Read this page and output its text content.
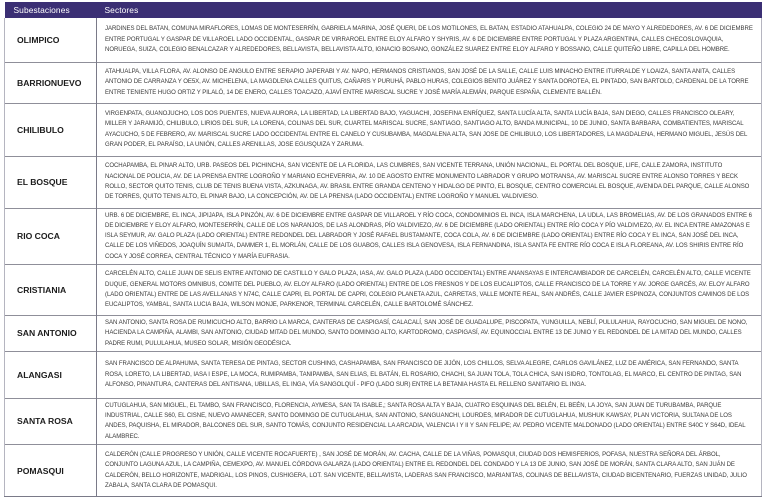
Subestaciones	Sectores
OLIMPICO	JARDINES DEL BATAN, COMUNA MIRAFLORES, LOMAS DE MONTESERRÍN, GABRIELA MARINA, JOSÉ QUERI, DE LOS MOTILONES, EL BATAN, ESTADIO ATAHUALPA, COLEGIO 24 DE MAYO Y ALREDEDORES, AV. 6 DE DICIEMBRE ENTRE PORTUGAL Y GASPAR DE VILLAROEL LADO OCCIDENTAL, GASPAR DE VIRRAROEL ENTRE ELOY ALFARO Y SHYRIS, AV. 6 DE DICIEMBRE ENTRE PORTUGAL Y PLAZA ARGENTINA, CALLES CHECOSLOVAQUIA, NORUEGA, SUIZA, COLEGIO BENALCAZAR Y ALREDEDORES, BELLAVISTA, BELLAVISTA ALTO, IGNACIO BOSANO, GONZÁLEZ SUAREZ ENTRE ELOY ALFARO Y BOSSANO, CALLE QUITEÑO LIBRE, CAPILLA DEL HOMBRE.
BARRIONUEVO	ATAHUALPA, VILLA FLORA, AV. ALONSO DE ANGULO ENTRE SERAPIO JAPERABI Y AV. NAPO, HERMANOS CRISTIANOS, SAN JOSÉ DE LA SALLE, CALLE LUIS MINACHO ENTRE ITURRALDE Y LOAIZA, SANTA ANITA, CALLES ANTONIO DE CARRANZA Y OE5X, AV. MICHELENA, LA MAGDLENA CALLES QUITUS, CAÑARIS Y PURUHÁ, PABLO HURAS, COLEGIOS BENITO JUÁREZ Y SANTA DOROTEA, EL PINTADO, SAN BARTOLO, CARDENAL DE LA TORRE ENTRE TENIENTE HUGO ORTIZ Y PILALÓ, 14 DE ENERO, CALLES TOACAZO, AJAVÍ ENTRE MARISCAL SUCRE Y JOSÉ MARÍA ALEMÁN, PARQUE ESPAÑA, CLEMENTE BALLÉN.
CHILIBULO	VIRGENPATA, GUANOJUCHO, LOS DOS PUENTES, NUEVA AURORA, LA LIBERTAD, LA LIBERTAD BAJO, YAGUACHI, JOSEFINA ENRÍQUEZ, SANTA LUCÍA ALTA, SANTA LUCÍA BAJA, SAN DIEGO, CALLES FRANCISCO OLEARY, MILLER Y JARAMIJÓ, CHILIBULO, LIRIOS DEL SUR, LA LORENA, COLINAS DEL SUR, CUARTEL MARISCAL SUCRE, SANTIAGO, SANTIAGO ALTO, BANDA MUNICIPAL, 10 DE JUNIO, SANTA BARBARA, COMBATIENTES, MARISCAL AYACUCHO, 5 DE FEBRERO, AV. MARISCAL SUCRE LADO OCCIDENTAL ENTRE EL CANELO Y CUSUBAMBA, MAGDALENA ALTA, SAN JOSE DE CHILIBULO, LOS LIBERTADORES, LA MAGDALENA, HERMANO MIGUEL, JESÚS DEL GRAN PODER, EL PARAÍSO, LA UNIÓN, CALLES ARENILLAS, JOSE EGUSQUIZA Y ZARUMA.
EL BOSQUE	COCHAPAMBA, EL PINAR ALTO, URB. PASEOS DEL PICHINCHA, SAN VICENTE DE LA FLORIDA, LAS CUMBRES, SAN VICENTE TERRANA, UNIÓN NACIONAL, EL PORTAL DEL BOSQUE, LIFE, CALLE ZAMORA, INSTITUTO NACIONAL DE POLICIA, AV. DE LA PRENSA ENTRE LOGROÑO Y MARIANO ECHEVERRIA, AV. 10 DE AGOSTO ENTRE MONUMENTO LABRADOR Y GRUPO MOTRANSA, AV. MARISCAL SUCRE ENTRE ALONSO TORRES Y BECK ROLLO, SECTOR QUITO TENIS, CLUB DE TENIS BUENA VISTA, AZKUNAGA, AV. BRASIL ENTRE GRANDA CENTENO Y HIDALGO DE PINTO, EL BOSQUE, CENTRO COMERCIAL EL BOSQUE, AVENIDA DEL PARQUE, CALLE ALONSO DE TORRES, QUITO TENIS ALTO, EL PINAR BAJO, LA CONCEPCIÓN, AV. DE LA PRENSA (LADO OCCIDENTAL) ENTRE LOGROÑO Y MANUEL VALDIVIESO.
RIO COCA	URB. 6 DE DICIEMBRE, EL INCA, JIPIJAPA, ISLA PINZÓN, AV. 6 DE DICIEMBRE ENTRE GASPAR DE VILLAROEL Y RÍO COCA, CONDOMINIOS EL INCA, ISLA MARCHENA, LA UDLA, LAS BROMELIAS, AV. DE LOS GRANADOS ENTRE 6 DE DICIEMBRE Y ELOY ALFARO, MONTESERRÍN, CALLE DE LOS NARANJOS, DE LAS ALONDRAS, PÍO VALDIVIEZO, AV. 6 DE DICIEMBRE (LADO ORIENTAL) ENTRE RÍO COCA Y PÍO VALDIVIEZO, AV. EL INCA ENTRE AMAZONAS E ISLA SEYMUR, AV. GALO PLAZA (LADO ORIENTAL) ENTRE REDONDEL DEL LABRADOR Y JOSÉ RAFAEL BUSTAMANTE, COCA COLA, AV. 6 DE DICIEMBRE (LADO ORIENTAL) ENTRE RÍO COCA Y EL INCA, SAN JOSÉ DEL INCA, CALLE DE LOS VIÑEDOS, JOAQUÍN SUMAITA, DAMMER 1, EL MORLÁN, CALLE DE LOS GUABOS, CALLES ISLA GENOVESA, ISLA FERNANDINA, ISLA SANTA FE ENTRE RÍO COCA E ISLA FLOREANA, AV. LOS SHIRIS ENTRE RÍO COCA Y JOSÉ CORREA, CENTRAL TÉCNICO Y MARÍA EUFRASIA.
CRISTIANIA	CARCELÉN ALTO, CALLE JUAN DE SELIS ENTRE ANTONIO DE CASTILLO Y GALO PLAZA, IASA, AV. GALO PLAZA (LADO OCCIDENTAL) ENTRE ANANSAYAS E INTERCAMBIADOR DE CARCELÉN, CARCELÉN ALTO, CALLE VICENTE DUQUE, GENERAL MOTORS OMNIBUS, COMITE DEL PUEBLO, AV. ELOY ALFARO (LADO ORIENTAL) ENTRE DE LOS FRESNOS Y DE LOS EUCALIPTOS, CALLE FRANCISCO DE LA TORRE Y AV. JORGE GARCÉS, AV. ELOY ALFARO (LADO ORIENTAL) ENTRE DE LAS AVELLANAS Y N74C, CALLE CAPRI, EL PORTAL DE CAPRI, COLEGIO PLANETA AZUL, CARRETAS, VALLE MONTE REAL, SAN ANDRÉS, CALLE JAVIER ESPINOZA, CONJUNTOS CAMINOS DE LOS EUCALIPTOS, YAMBAL, SANTA LUCIA BAJA, WILSON MONJE, PARKENOR, TERMINAL CARCELÉN, CALLE BARTOLOMÉ SÁNCHEZ.
SAN ANTONIO	SAN ANTONIO, SANTA ROSA DE RUMICUCHO ALTO, BARRIO LA MARCA, CANTERAS DE CASPIGASÍ, CALACALÍ, SAN JOSÉ DE GUADALUPE, PISCOPATA, YUNGUILLA, NEBLÍ, PULULAHUA, RAYOCUCHO, SAN MIGUEL DE NONO, HACIENDA LA CAMPIÑA, ALAMBI, SAN ANTONIO, CIUDAD MITAD DEL MUNDO, SANTO DOMINGO ALTO, KARTODROMO, CASPIGASÍ, AV. EQUINOCCIAL ENTRE 13 DE JUNIO Y EL REDONDEL DE LA MITAD DEL MUNDO, CALLES PADRE RUMI, PULULAHUA, MUSEO SOLAR, MISIÓN GEODÉSICA.
ALANGASI	SAN FRANCISCO DE ALPAHUMA, SANTA TERESA DE PINTAG, SECTOR CUSHING, CASHAPAMBA, SAN FRANCISCO DE JIJÓN, LOS CHILLOS, SELVA ALEGRE, CARLOS GAVILÁNEZ, LUZ DE AMÉRICA, SAN FERNANDO, SANTA ROSA, LORETO, LA LIBERTAD, IASA I ESPE, LA MOCA, RUMIPAMBA, TANIPAMBA, SAN ELIAS, EL BATÁN, EL ROSARIO, CHACHI, SA JUAN TOLA, TOLA CHICA, SAN ISIDRO, TONTOLAG, EL MARCO, EL CENTRO DE PINTAG, SAN ALFONSO, PINANTURA, CANTERAS DEL ANTISANA, UBILLAS, EL INGA, VÍA SANGOLQUÍ - PIFO (LADO SUR) ENTRE LA BETANIA HASTA EL RELLENO SANITARIO EL INGA.
SANTA ROSA	CUTUGLAHUA, SAN MIGUEL, EL TAMBO, SAN FRANCISCO, FLORENCIA, AYMESA, SAN TA ISABLE,; SANTA ROSA ALTA Y BAJA, CUATRO ESQUINAS DEL BELÉN, EL BEÉN, LA JOYA, SAN JUAN DE TURUBAMBA, PARQUE INDUSTRIAL, CALLE S60, EL CISNE, NUEVO AMANECER, SANTO DOMINGO DE CUTUGLAHUA, SAN ANTONIO, SANGUANCHI, LOURDES, MIRADOR DE CUTUGLAHUA, MUSHUK KAWSAY, PLAN VICTORIA, SULTANA DE LOS ANDES, PAQUISHA, EL MIRADOR, BALCONES DEL SUR, SANTO TOMÁS, CONJUNTO RESIDENCIAL LA ARCADIA, VALENCIA I Y II Y SAN FELIPE; AV. PEDRO VICENTE MALDONADO (LADO ORIENTAL) ENTRE S40C Y S64D, IDEAL ALAMBREC.
POMASQUI	CALDERÓN (CALLE PROGRESO Y UNIÓN, CALLE VICENTE ROCAFUERTE) , SAN JOSÉ DE MORÁN, AV. CACHA, CALLE DE LA VIÑAS, POMASQUI, CIUDAD DOS HEMISFERIOS, POFASA, NUESTRA SEÑORA DEL ÁRBOL, CONJUNTO LAGUNA AZUL, LA CAMPIÑA, CEMEXPO, AV. MANUEL CÓRDOVA GALARZA (LADO ORIENTAL) ENTRE EL REDONDEL DEL CONDADO Y LA 13 DE JUNIO, SAN JOSÉ DE MORÁN, SANTA CLARA ALTO, SAN JUÁN DE CALDERÓN, BELLO HORIZONTE, MADRIGAL, LOS PINOS, CUSHIGERA, LOT. SAN VICENTE, BELLAVISTA, LADERAS SAN FRANCISCO, MARIANITAS, COLINAS DE BELLAVISTA, CIUDAD BICENTENARIO, FUERZAS UNIDAD, JULIO ZABALA, SANTA CLARA DE POMASQUI.
